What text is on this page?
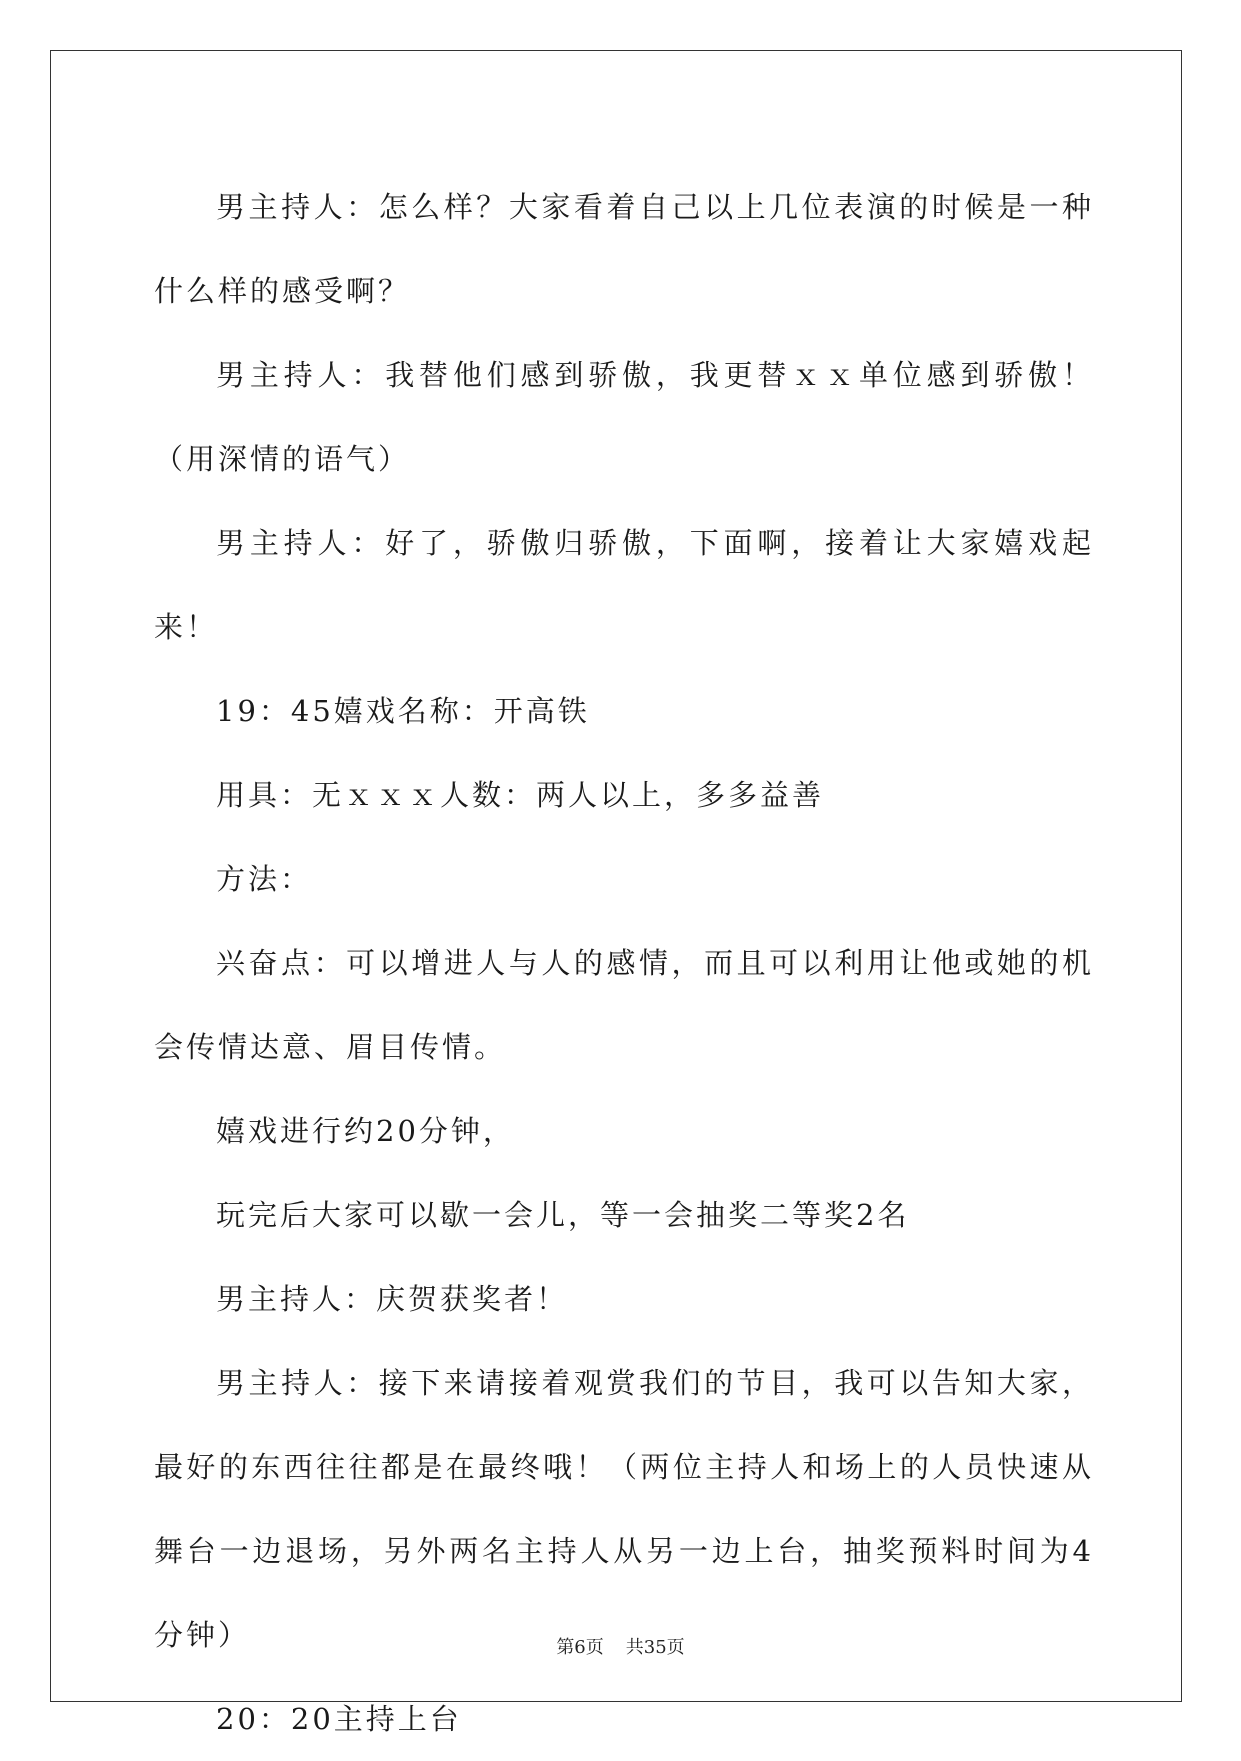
男主持人：怎么样？大家看着自己以上几位表演的时候是一种什么样的感受啊？

男主持人：我替他们感到骄傲，我更替ｘｘ单位感到骄傲！（用深情的语气）

男主持人：好了，骄傲归骄傲，下面啊，接着让大家嬉戏起来！

19：45嬉戏名称：开高铁

用具：无ｘｘｘ人数：两人以上，多多益善

方法：

兴奋点：可以增进人与人的感情，而且可以利用让他或她的机会传情达意、眉目传情。

嬉戏进行约20分钟，

玩完后大家可以歇一会儿，等一会抽奖二等奖2名

男主持人：庆贺获奖者！

男主持人：接下来请接着观赏我们的节目，我可以告知大家，最好的东西往往都是在最终哦！（两位主持人和场上的人员快速从舞台一边退场，另外两名主持人从另一边上台，抽奖预料时间为4分钟）

20：20主持上台

第6页 共35页
